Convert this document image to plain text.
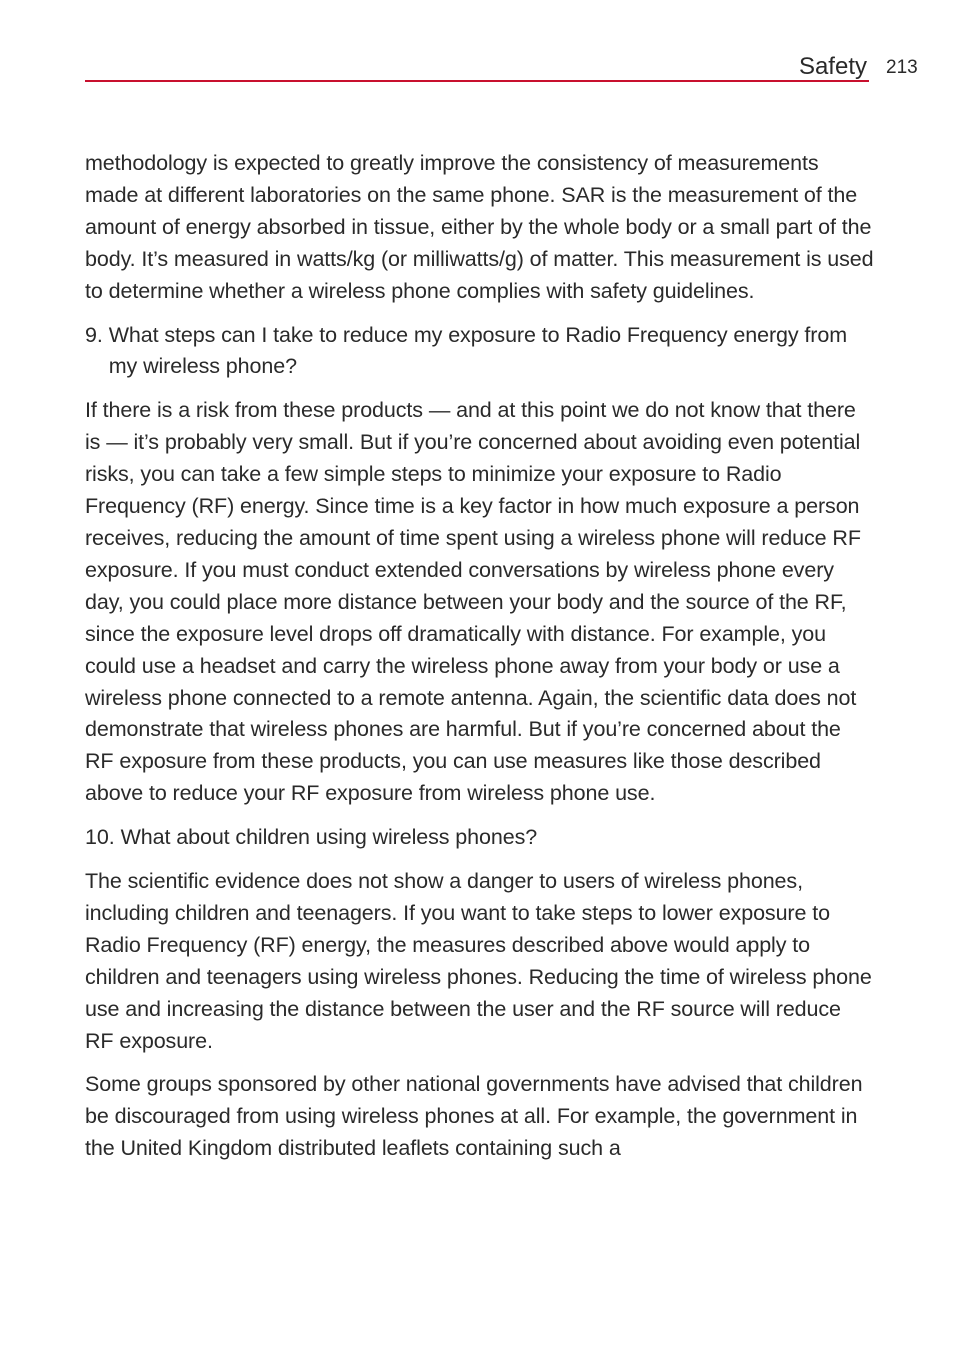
Safety 213

methodology is expected to greatly improve the consistency of measurements made at different laboratories on the same phone. SAR is the measurement of the amount of energy absorbed in tissue, either by the whole body or a small part of the body. It’s measured in watts/kg (or milliwatts/g) of matter. This measurement is used to determine whether a wireless phone complies with safety guidelines.

9. What steps can I take to reduce my exposure to Radio Frequency energy from my wireless phone?

If there is a risk from these products — and at this point we do not know that there is — it’s probably very small. But if you’re concerned about avoiding even potential risks, you can take a few simple steps to minimize your exposure to Radio Frequency (RF) energy. Since time is a key factor in how much exposure a person receives, reducing the amount of time spent using a wireless phone will reduce RF exposure. If you must conduct extended conversations by wireless phone every day, you could place more distance between your body and the source of the RF, since the exposure level drops off dramatically with distance. For example, you could use a headset and carry the wireless phone away from your body or use a wireless phone connected to a remote antenna. Again, the scientific data does not demonstrate that wireless phones are harmful. But if you’re concerned about the RF exposure from these products, you can use measures like those described above to reduce your RF exposure from wireless phone use.

10. What about children using wireless phones?

The scientific evidence does not show a danger to users of wireless phones, including children and teenagers. If you want to take steps to lower exposure to Radio Frequency (RF) energy, the measures described above would apply to children and teenagers using wireless phones. Reducing the time of wireless phone use and increasing the distance between the user and the RF source will reduce RF exposure.

Some groups sponsored by other national governments have advised that children be discouraged from using wireless phones at all. For example, the government in the United Kingdom distributed leaflets containing such a
